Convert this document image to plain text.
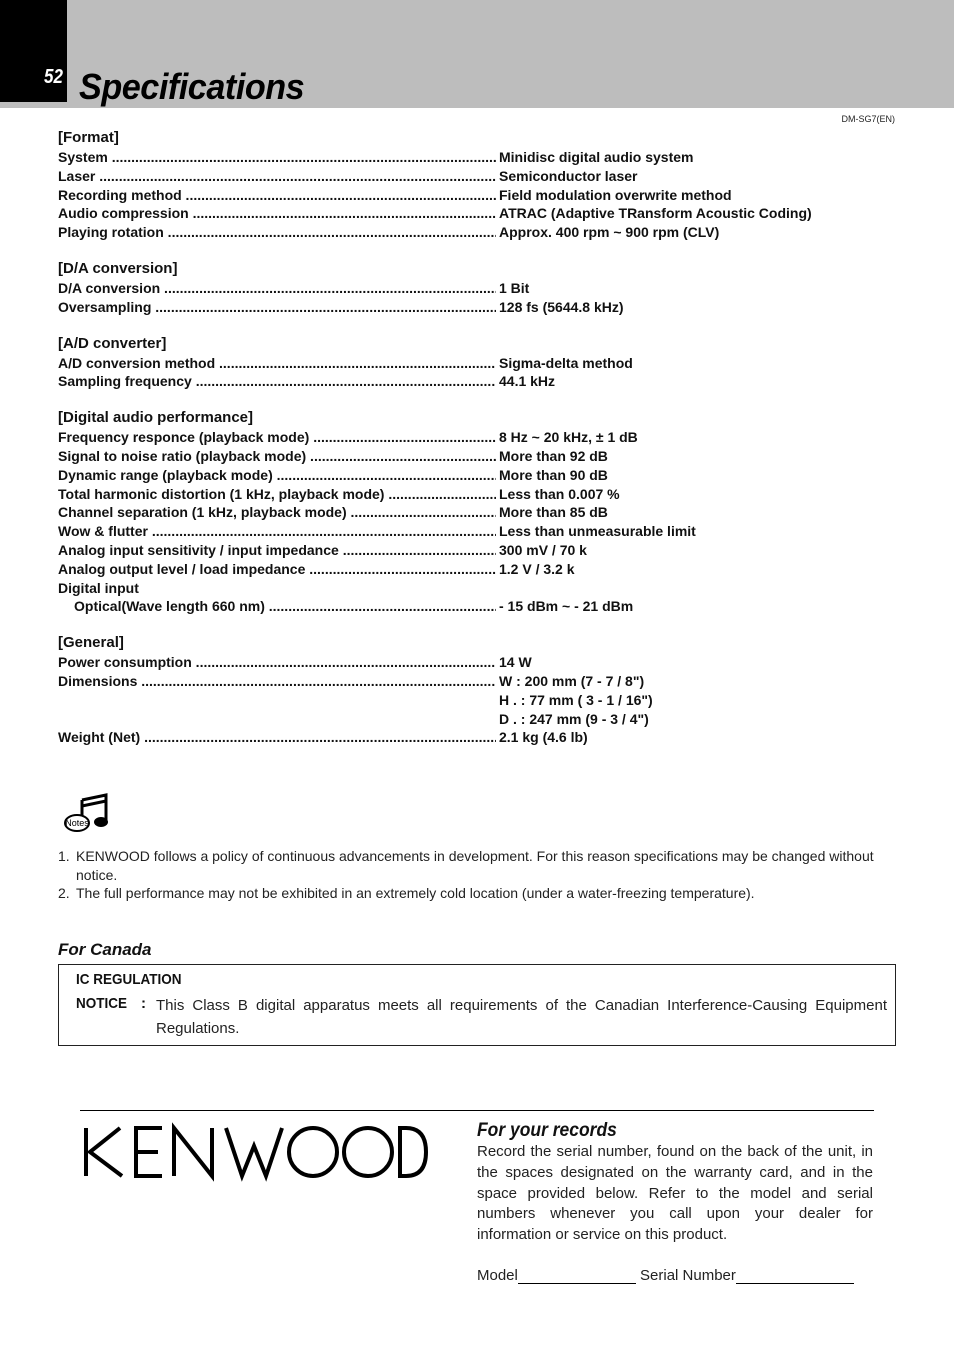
52 Specifications
DM-SG7(EN)
[Format]
System .....	Minidisc digital audio system
Laser .....	Semiconductor laser
Recording method .....	Field modulation overwrite method
Audio compression .....	ATRAC (Adaptive TRansform Acoustic Coding)
Playing rotation .....	Approx. 400 rpm ~ 900 rpm (CLV)
[D/A conversion]
D/A conversion .....	1 Bit
Oversampling .....	128 fs (5644.8 kHz)
[A/D converter]
A/D conversion method .....	Sigma-delta method
Sampling frequency .....	44.1 kHz
[Digital audio performance]
Frequency responce (playback mode) .....	8 Hz ~ 20 kHz, ± 1 dB
Signal to noise ratio (playback mode) .....	More than 92 dB
Dynamic range (playback mode) .....	More than 90 dB
Total harmonic distortion (1 kHz, playback mode) .....	Less than 0.007 %
Channel separation (1 kHz, playback mode) .....	More than 85 dB
Wow & flutter .....	Less than unmeasurable limit
Analog input sensitivity / input impedance .....	300 mV / 70 k
Analog output level / load impedance .....	1.2 V / 3.2 k
Digital input
Optical(Wave length 660 nm) .....	- 15 dBm ~ - 21 dBm
[General]
Power consumption .....	14 W
Dimensions .....	W : 200 mm (7 - 7 / 8")
H . : 77 mm ( 3 - 1 / 16")
D . : 247 mm (9 - 3 / 4")
Weight (Net) .....	2.1 kg (4.6 lb)
Notes
1. KENWOOD follows a policy of continuous advancements in development. For this reason specifications may be changed without notice.
2. The full performance may not be exhibited in an extremely cold location (under a water-freezing temperature).
For Canada
IC REGULATION
NOTICE : This Class B digital apparatus meets all requirements of the Canadian Interference-Causing Equipment Regulations.
For your records
Record the serial number, found on the back of the unit, in the spaces designated on the warranty card, and in the space provided below. Refer to the model and serial numbers whenever you call upon your dealer for information or service on this product.
Model	Serial Number
